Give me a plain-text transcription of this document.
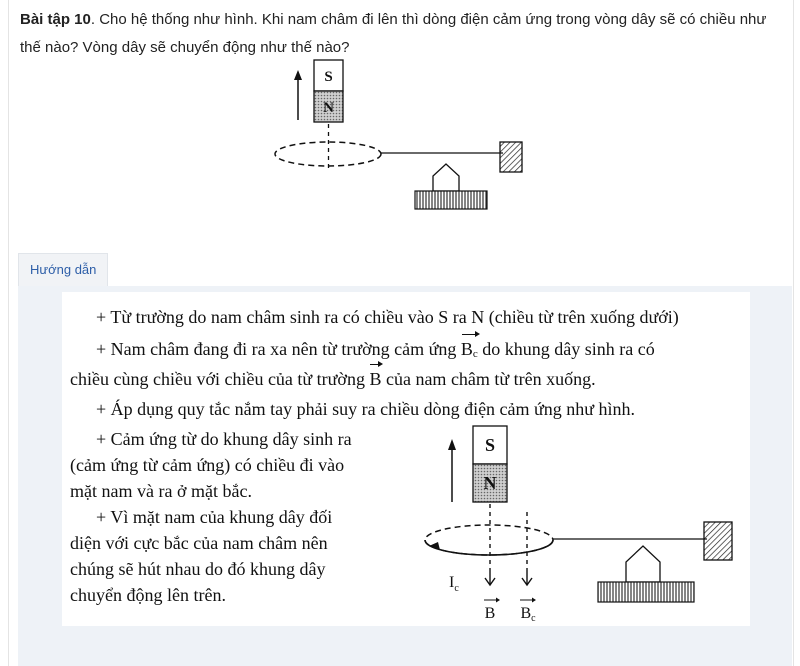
Bài tập 10. Cho hệ thống như hình. Khi nam châm đi lên thì dòng điện cảm ứng trong vòng dây sẽ có chiều như thế nào? Vòng dây sẽ chuyển động như thế nào?
S
N
Hướng dẫn
+ Từ trường do nam châm sinh ra có chiều vào S ra N (chiều từ trên xuống dưới)
+ Nam châm đang đi ra xa nên từ trường cảm ứng Bc do khung dây sinh ra có
chiều cùng chiều với chiều của từ trường B của nam châm từ trên xuống.
+ Áp dụng quy tắc nắm tay phải suy ra chiều dòng điện cảm ứng như hình.
+ Cảm ứng từ do khung dây sinh ra
(cảm ứng từ cảm ứng) có chiều đi vào
mặt nam và ra ở mặt bắc.
+ Vì mặt nam của khung dây đối
diện với cực bắc của nam châm nên
chúng sẽ hút nhau do đó khung dây
chuyển động lên trên.
S
N
$I_c$
B Bc
